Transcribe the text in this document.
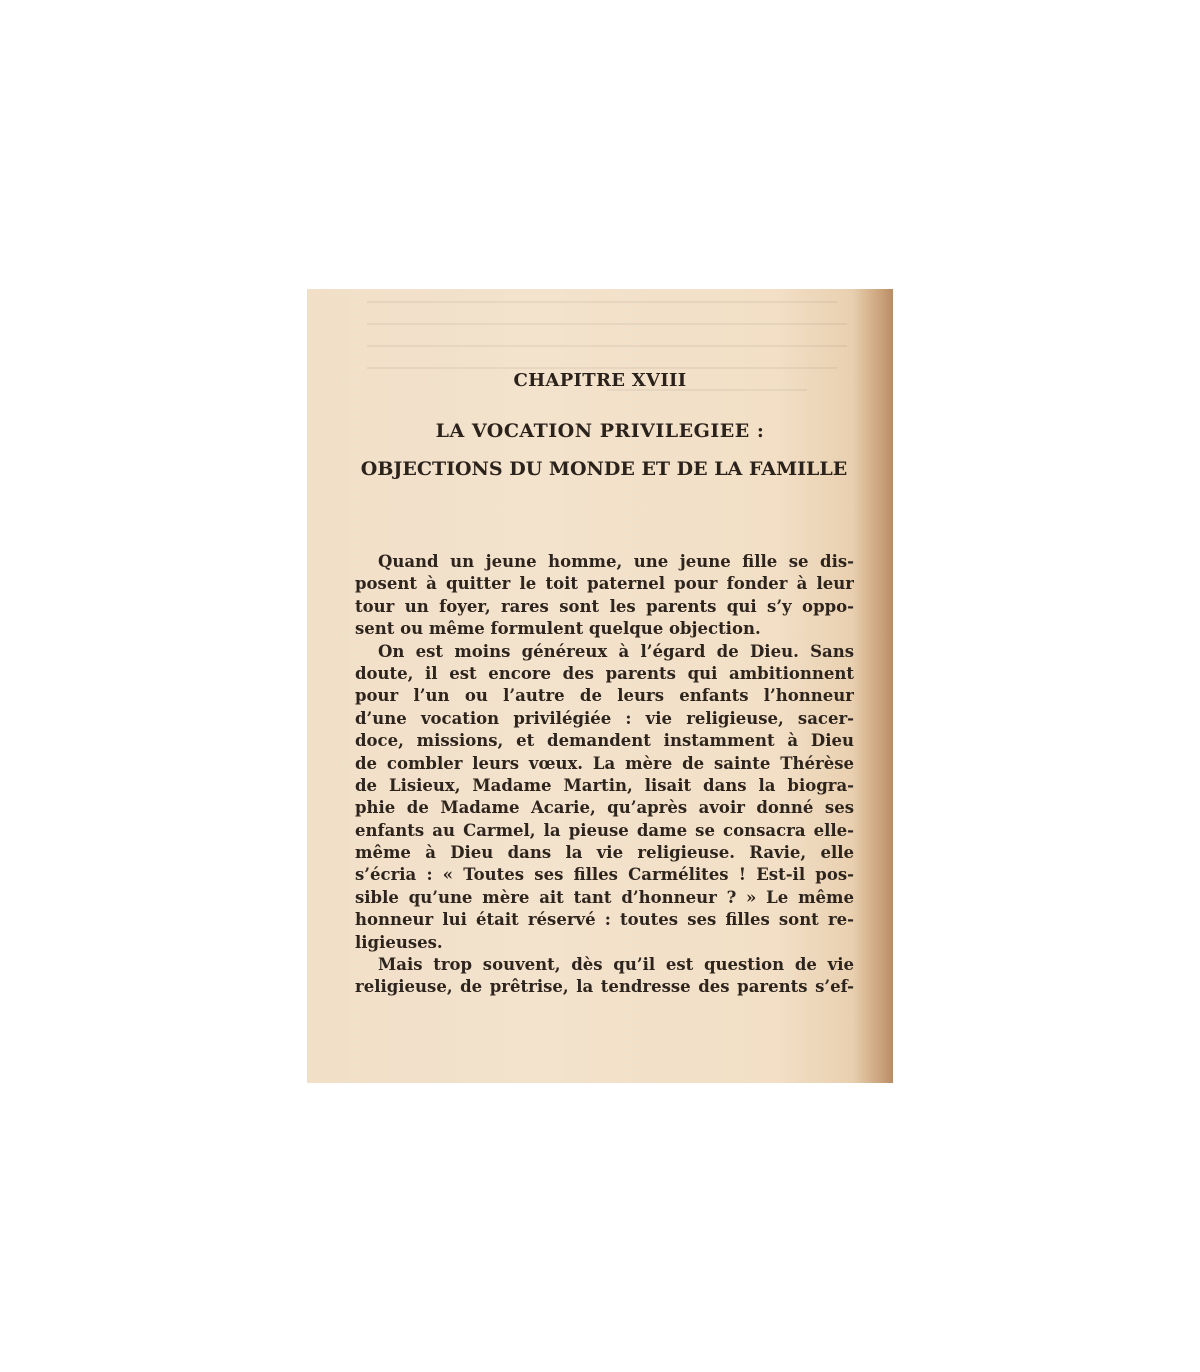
CHAPITRE XVIII
LA VOCATION PRIVILEGIEE :
OBJECTIONS DU MONDE ET DE LA FAMILLE
Quand un jeune homme, une jeune fille se dis-
posent à quitter le toit paternel pour fonder à leur
tour un foyer, rares sont les parents qui s’y oppo-
sent ou même formulent quelque objection.
On est moins généreux à l’égard de Dieu. Sans
doute, il est encore des parents qui ambitionnent
pour l’un ou l’autre de leurs enfants l’honneur
d’une vocation privilégiée : vie religieuse, sacer-
doce, missions, et demandent instamment à Dieu
de combler leurs vœux. La mère de sainte Thérèse
de Lisieux, Madame Martin, lisait dans la biogra-
phie de Madame Acarie, qu’après avoir donné ses
enfants au Carmel, la pieuse dame se consacra elle-
même à Dieu dans la vie religieuse. Ravie, elle
s’écria : « Toutes ses filles Carmélites ! Est-il pos-
sible qu’une mère ait tant d’honneur ? » Le même
honneur lui était réservé : toutes ses filles sont re-
ligieuses.
Mais trop souvent, dès qu’il est question de vie
religieuse, de prêtrise, la tendresse des parents s’ef-
